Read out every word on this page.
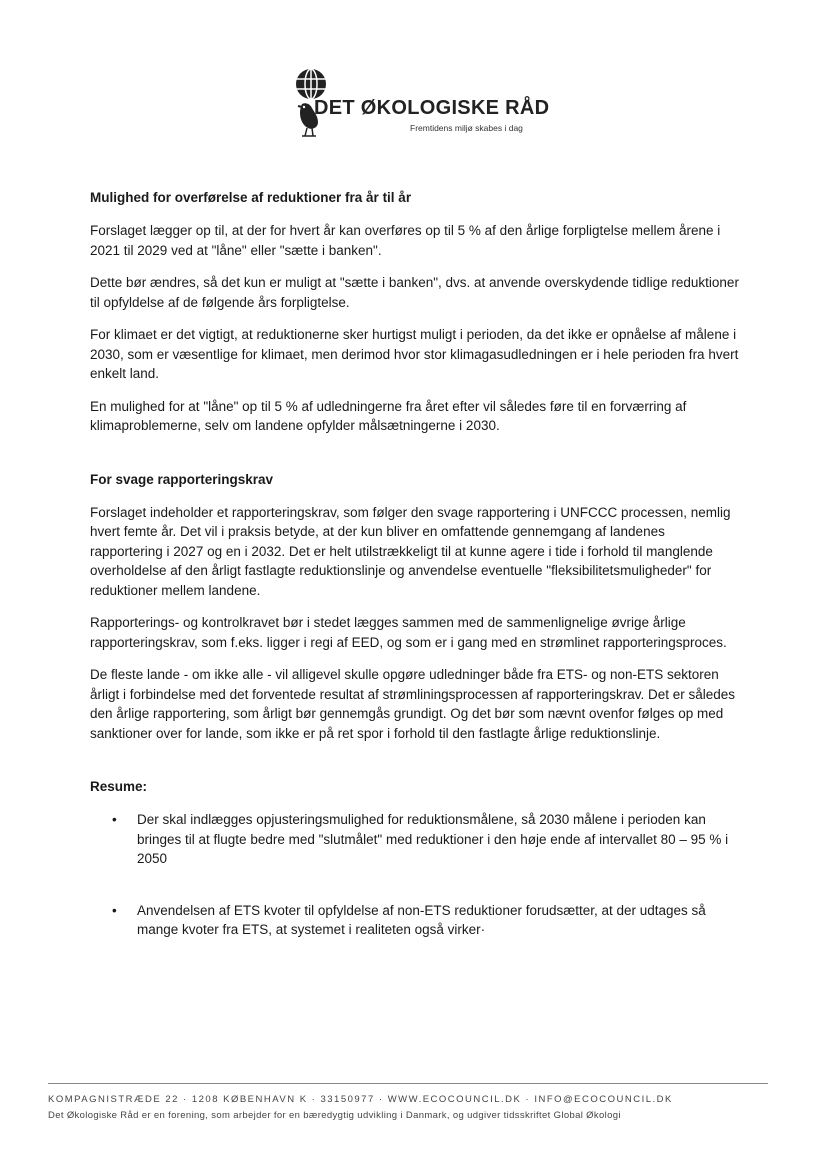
DET ØKOLOGISKE RÅD
Fremtidens miljø skabes i dag
Mulighed for overførelse af reduktioner fra år til år

Forslaget lægger op til, at der for hvert år kan overføres op til 5 % af den årlige forpligtelse mellem årene i 2021 til 2029 ved at "låne" eller "sætte i banken".

Dette bør ændres, så det kun er muligt at "sætte i banken", dvs. at anvende overskydende tidlige reduktioner til opfyldelse af de følgende års forpligtelse.

For klimaet er det vigtigt, at reduktionerne sker hurtigst muligt i perioden, da det ikke er opnåelse af målene i 2030, som er væsentlige for klimaet, men derimod hvor stor klimagasudledningen er i hele perioden fra hvert enkelt land.

En mulighed for at "låne" op til 5 % af udledningerne fra året efter vil således føre til en forværring af klimaproblemerne, selv om landene opfylder målsætningerne i 2030.

For svage rapporteringskrav

Forslaget indeholder et rapporteringskrav, som følger den svage rapportering i UNFCCC processen, nemlig hvert femte år. Det vil i praksis betyde, at der kun bliver en omfattende gennemgang af landenes rapportering i 2027 og en i 2032. Det er helt utilstrækkeligt til at kunne agere i tide i forhold til manglende overholdelse af den årligt fastlagte reduktionslinje og anvendelse eventuelle "fleksibilitetsmuligheder" for reduktioner mellem landene.

Rapporterings- og kontrolkravet bør i stedet lægges sammen med de sammenlignelige øvrige årlige rapporteringskrav, som f.eks. ligger i regi af EED, og som er i gang med en strømlinet rapporteringsproces.

De fleste lande - om ikke alle - vil alligevel skulle opgøre udledninger både fra ETS- og non-ETS sektoren årligt i forbindelse med det forventede resultat af strømliningsprocessen af rapporteringskrav. Det er således den årlige rapportering, som årligt bør gennemgås grundigt. Og det bør som nævnt ovenfor følges op med sanktioner over for lande, som ikke er på ret spor i forhold til den fastlagte årlige reduktionslinje.

Resume:
• Der skal indlægges opjusteringsmulighed for reduktionsmålene, så 2030 målene i perioden kan bringes til at flugte bedre med "slutmålet" med reduktioner i den høje ende af intervallet 80 – 95 % i 2050
• Anvendelsen af ETS kvoter til opfyldelse af non-ETS reduktioner forudsætter, at der udtages så mange kvoter fra ETS, at systemet i realiteten også virker·
KOMPAGNISTRÆDE 22 · 1208 KØBENHAVN K · 33150977 · WWW.ECOCOUNCIL.DK · INFO@ECOCOUNCIL.DK
Det Økologiske Råd er en forening, som arbejder for en bæredygtig udvikling i Danmark, og udgiver tidsskriftet Global Økologi
